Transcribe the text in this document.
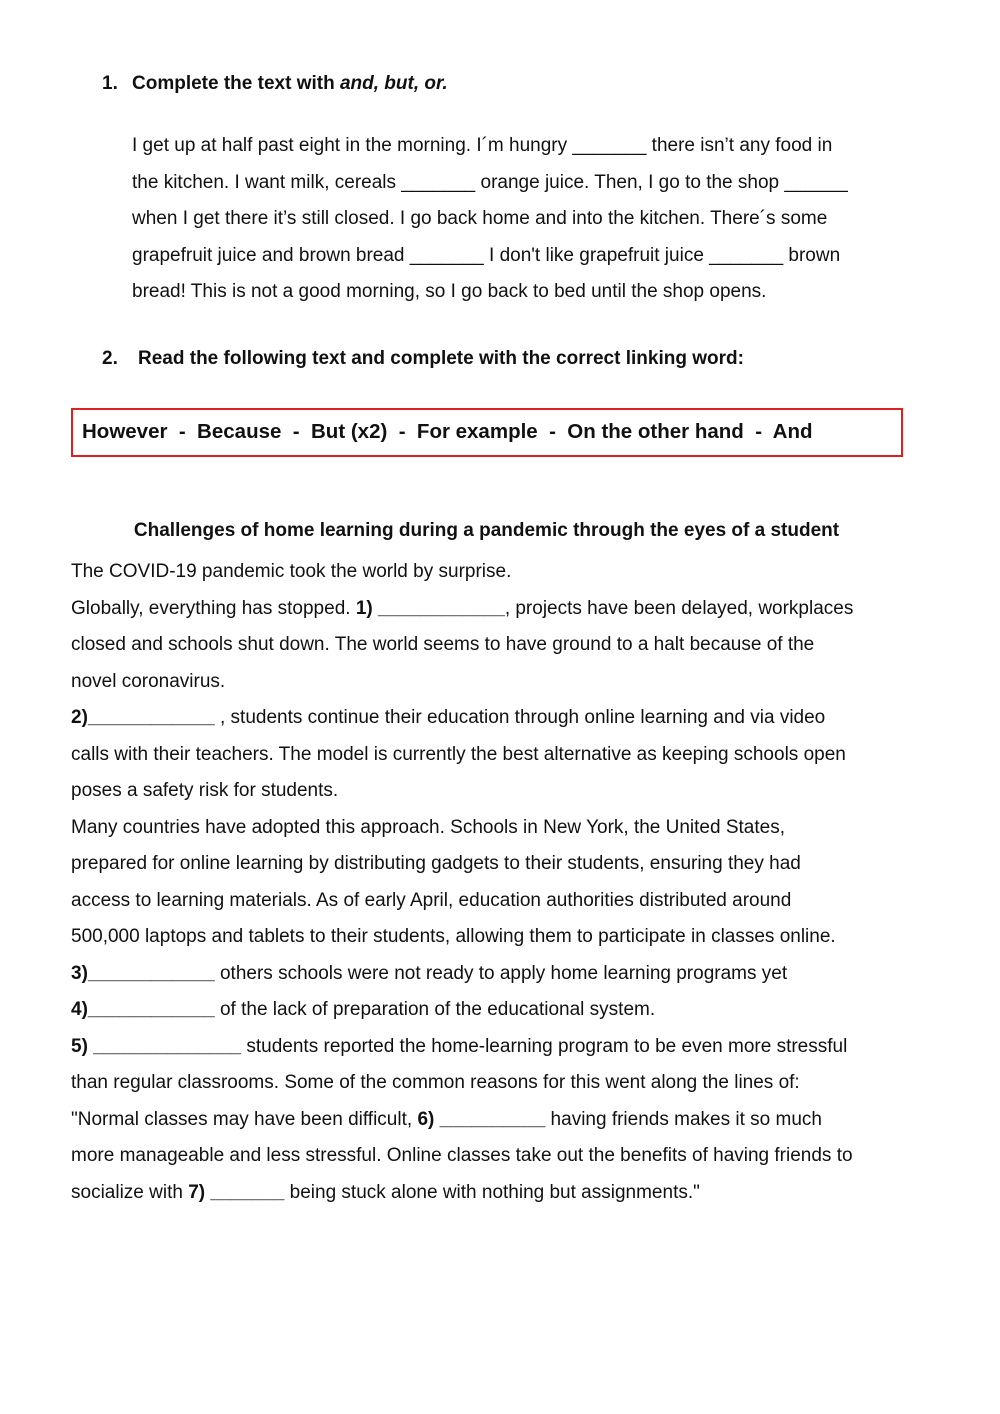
1. Complete the text with and, but, or.
I get up at half past eight in the morning. I´m hungry _______ there isn’t any food in
the kitchen. I want milk, cereals _______ orange juice. Then, I go to the shop ______
when I get there it’s still closed. I go back home and into the kitchen. There´s some
grapefruit juice and brown bread _______ I don't like grapefruit juice _______ brown
bread! This is not a good morning, so I go back to bed until the shop opens.
2. Read the following text and complete with the correct linking word:
However  -  Because  -  But (x2)  -  For example  -  On the other hand  -  And
Challenges of home learning during a pandemic through the eyes of a student
The COVID-19 pandemic took the world by surprise.
Globally, everything has stopped. 1) ____________, projects have been delayed, workplaces
closed and schools shut down. The world seems to have ground to a halt because of the
novel coronavirus.
2)____________ , students continue their education through online learning and via video
calls with their teachers. The model is currently the best alternative as keeping schools open
poses a safety risk for students.
Many countries have adopted this approach. Schools in New York, the United States,
prepared for online learning by distributing gadgets to their students, ensuring they had
access to learning materials. As of early April, education authorities distributed around
500,000 laptops and tablets to their students, allowing them to participate in classes online.
3)____________ others schools were not ready to apply home learning programs yet
4)____________ of the lack of preparation of the educational system.
5) ______________ students reported the home-learning program to be even more stressful
than regular classrooms. Some of the common reasons for this went along the lines of:
"Normal classes may have been difficult, 6) __________ having friends makes it so much
more manageable and less stressful. Online classes take out the benefits of having friends to
socialize with 7) _______ being stuck alone with nothing but assignments."
